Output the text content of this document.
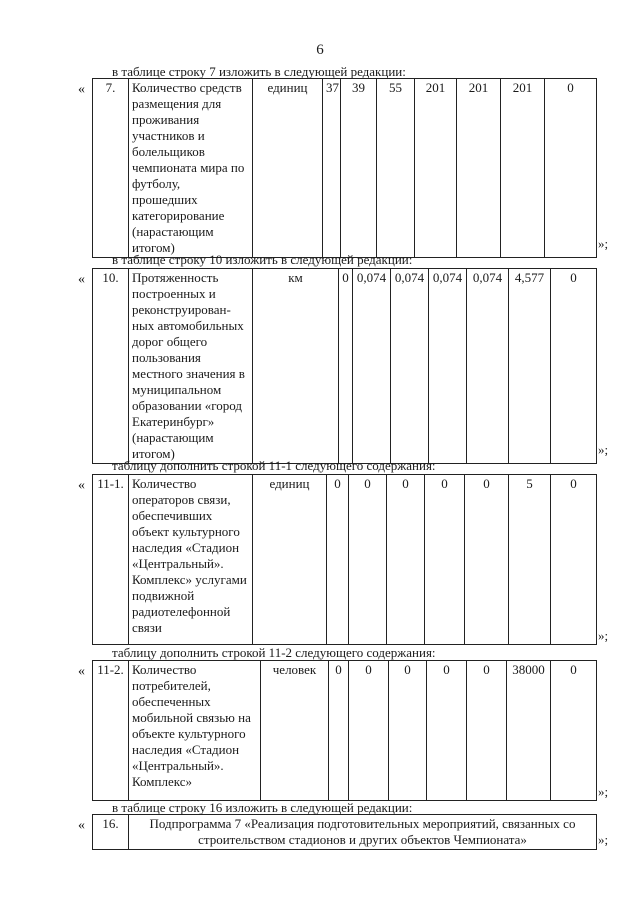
6
в таблице строку 7 изложить в следующей редакции:
« 7.	Количество средств размещения для проживания участников и болельщиков чемпионата мира по футболу, прошедших категорирование (нарастающим итогом)	единиц	37	39	55	201	201	201	0
»;
в таблице строку 10 изложить в следующей редакции:
« 10.	Протяженность построенных и реконструирован-ных автомобильных дорог общего пользования местного значения в муниципальном образовании «город Екатеринбург» (нарастающим итогом)	км	0	0,074	0,074	0,074	0,074	4,577	0
»;
таблицу дополнить строкой 11-1 следующего содержания:
« 11-1.	Количество операторов связи, обеспечивших объект культурного наследия «Стадион «Центральный». Комплекс» услугами подвижной радиотелефонной связи	единиц	0	0	0	0	0	5	0
»;
таблицу дополнить строкой 11-2 следующего содержания:
« 11-2.	Количество потребителей, обеспеченных мобильной связью на объекте культурного наследия «Стадион «Центральный». Комплекс»	человек	0	0	0	0	0	38000	0
»;
в таблице строку 16 изложить в следующей редакции:
« 16.	Подпрограмма 7 «Реализация подготовительных мероприятий, связанных со строительством стадионов и других объектов Чемпионата»	»;
